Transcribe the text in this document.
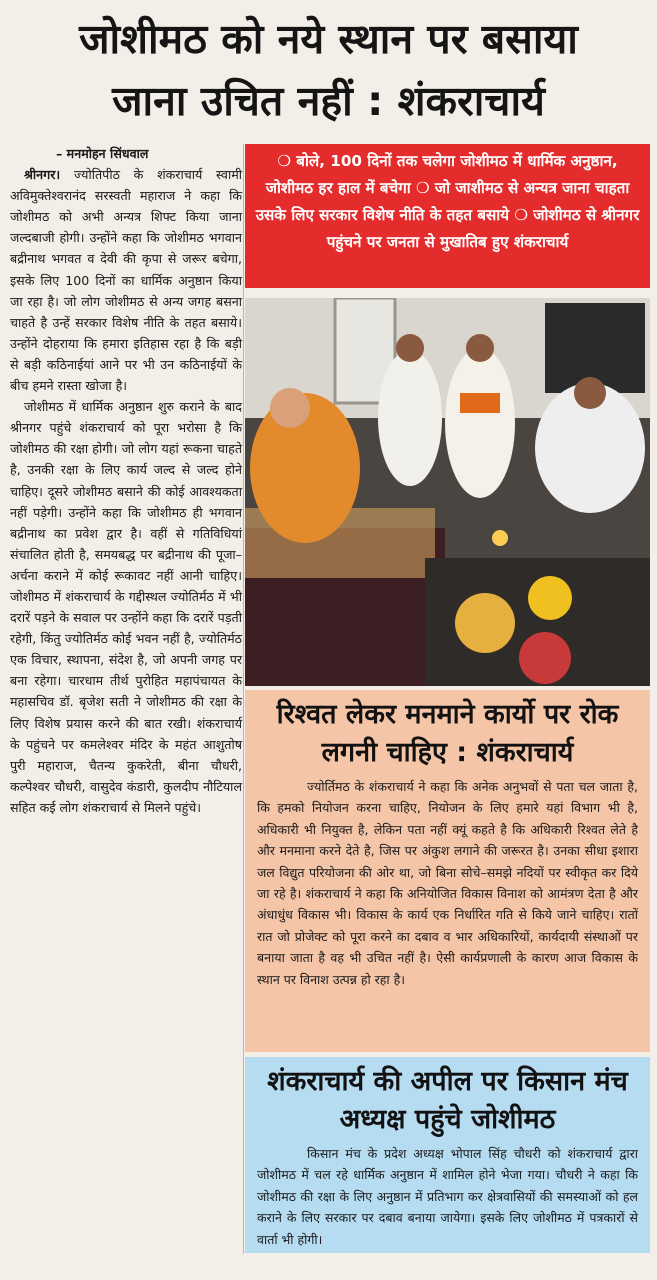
जोशीमठ को नये स्थान पर बसाया
जाना उचित नहीं : शंकराचार्य

– मनमोहन सिंधवाल

श्रीनगर। ज्योतिपीठ के शंकराचार्य स्वामी अविमुक्तेश्वरानंद सरस्वती महाराज ने कहा कि जोशीमठ को अभी अन्यत्र शिफ्ट किया जाना जल्दबाजी होगी। उन्होंने कहा कि जोशीमठ भगवान बद्रीनाथ भगवत व देवी की कृपा से जरूर बचेगा, इसके लिए 100 दिनों का धार्मिक अनुष्ठान किया जा रहा है। जो लोग जोशीमठ से अन्य जगह बसना चाहते है उन्हें सरकार विशेष नीति के तहत बसाये। उन्होंने दोहराया कि हमारा इतिहास रहा है कि बड़ी से बड़ी कठिनाईयां आने पर भी उन कठिनाईयों के बीच हमने रास्ता खोजा है।

जोशीमठ में धार्मिक अनुष्ठान शुरु कराने के बाद श्रीनगर पहुंचे शंकराचार्य को पूरा भरोसा है कि जोशीमठ की रक्षा होगी। जो लोग यहां रूकना चाहते है, उनकी रक्षा के लिए कार्य जल्द से जल्द होने चाहिए। दूसरे जोशीमठ बसाने की कोई आवश्यकता नहीं पड़ेगी। उन्होंने कहा कि जोशीमठ ही भगवान बद्रीनाथ का प्रवेश द्वार है। वहीं से गतिविधियां संचालित होती है, समयबद्ध पर बद्रीनाथ की पूजा–अर्चना कराने में कोई रूकावट नहीं आनी चाहिए। जोशीमठ में शंकराचार्य के गद्दीस्थल ज्योतिर्मठ में भी दरारें पड़ने के सवाल पर उन्होंने कहा कि दरारें पड़ती रहेगी, किंतु ज्योतिर्मठ कोई भवन नहीं है, ज्योतिर्मठ एक विचार, स्थापना, संदेश है, जो अपनी जगह पर बना रहेगा। चारधाम तीर्थ पुरोहित महापंचायत के महासचिव डॉ. बृजेश सती ने जोशीमठ की रक्षा के लिए विशेष प्रयास करने की बात रखी। शंकराचार्य के पहुंचने पर कमलेश्वर मंदिर के महंत आशुतोष पुरी महाराज, चैतन्य कुकरेती, बीना चौधरी, कल्पेश्वर चौधरी, वासुदेव कंडारी, कुलदीप नौटियाल सहित कई लोग शंकराचार्य से मिलने पहुंचे।

❍ बोले, 100 दिनों तक चलेगा जोशीमठ में धार्मिक अनुष्ठान, जोशीमठ हर हाल में बचेगा ❍ जो जाशीमठ से अन्यत्र जाना चाहता उसके लिए सरकार विशेष नीति के तहत बसाये ❍ जोशीमठ से श्रीनगर पहुंचने पर जनता से मुखातिब हुए शंकराचार्य
रिश्वत लेकर मनमाने कार्यो पर रोक लगनी चाहिए : शंकराचार्य

ज्योर्तिमठ के शंकराचार्य ने कहा कि अनेक अनुभवों से पता चल जाता है, कि हमको नियोजन करना चाहिए, नियोजन के लिए हमारे यहां विभाग भी है, अधिकारी भी नियुक्त है, लेकिन पता नहीं क्यूं कहते है कि अधिकारी रिश्वत लेते है और मनमाना करने देते है, जिस पर अंकुश लगाने की जरूरत है। उनका सीधा इशारा जल विद्युत परियोजना की ओर था, जो बिना सोचे–समझे नदियों पर स्वीकृत कर दिये जा रहे है। शंकराचार्य ने कहा कि अनियोजित विकास विनाश को आमंत्रण देता है और अंधाधुंध विकास भी। विकास के कार्य एक निर्धारित गति से किये जाने चाहिए। रातों रात जो प्रोजेक्ट को पूरा करने का दबाव व भार अधिकारियों, कार्यदायी संस्थाओं पर बनाया जाता है वह भी उचित नहीं है। ऐसी कार्यप्रणाली के कारण आज विकास के स्थान पर विनाश उत्पन्न हो रहा है।

शंकराचार्य की अपील पर किसान मंच अध्यक्ष पहुंचे जोशीमठ

किसान मंच के प्रदेश अध्यक्ष भोपाल सिंह चौधरी को शंकराचार्य द्वारा जोशीमठ में चल रहे धार्मिक अनुष्ठान में शामिल होने भेजा गया। चौधरी ने कहा कि जोशीमठ की रक्षा के लिए अनुष्ठान में प्रतिभाग कर क्षेत्रवासियों की समस्याओं को हल कराने के लिए सरकार पर दबाव बनाया जायेगा। इसके लिए जोशीमठ में पत्रकारों से वार्ता भी होगी।
